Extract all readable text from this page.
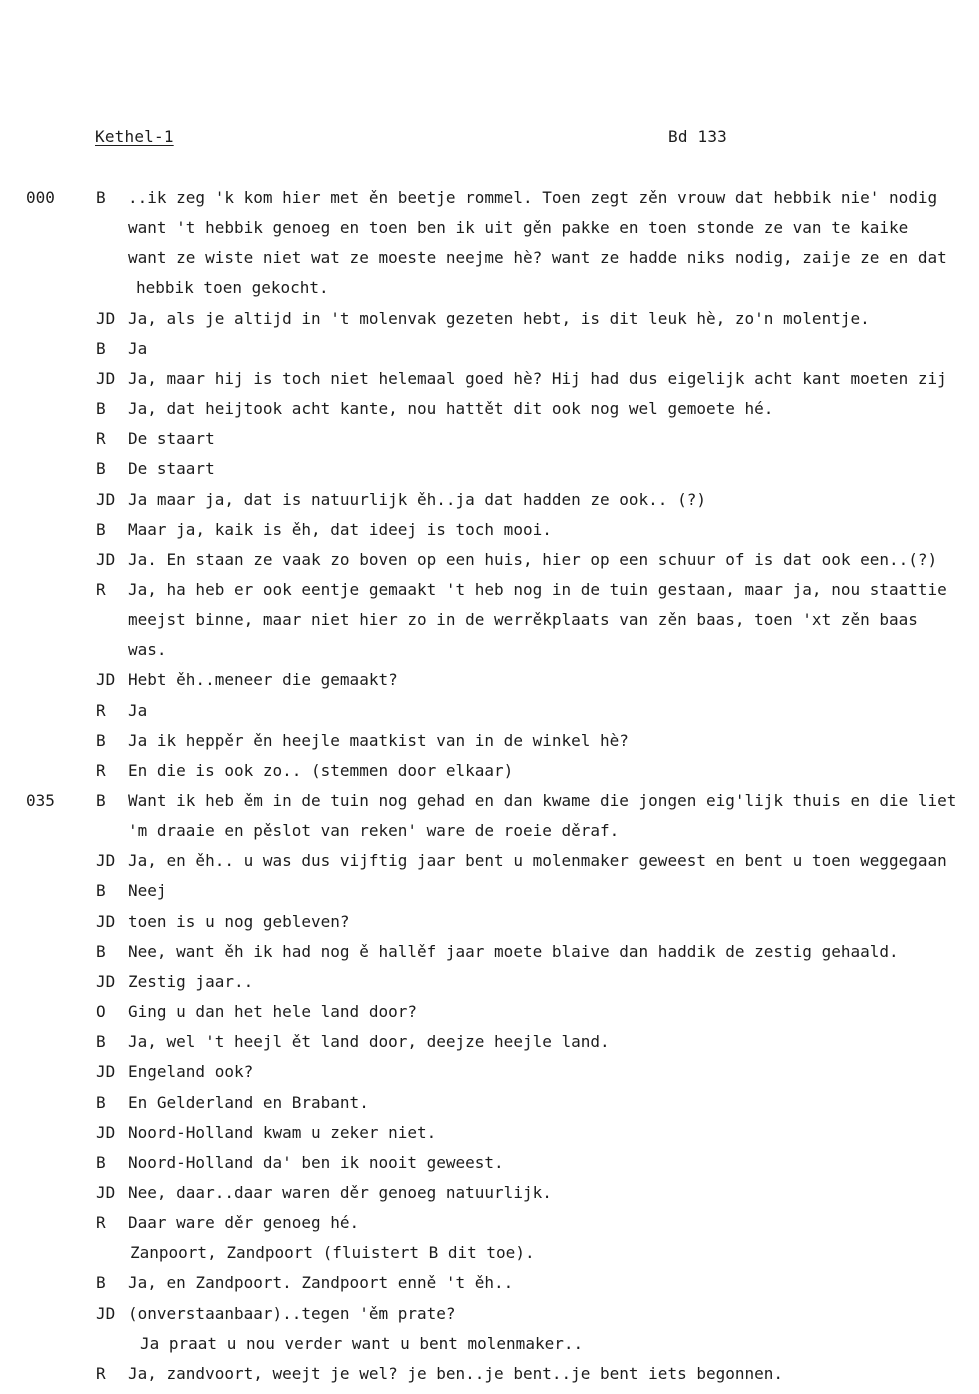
Kethel-1	Bd 133
000	B ..ik zeg 'k kom hier met ěn beetje rommel. Toen zegt zěn vrouw dat hebbik nie' nodig
want 't hebbik genoeg en toen ben ik uit gěn pakke en toen stonde ze van te kaike
want ze wiste niet wat ze moeste neejme hè? want ze hadde niks nodig, zaije ze en dat
hebbik toen gekocht.
JD Ja, als je altijd in 't molenvak gezeten hebt, is dit leuk hè, zo'n molentje.
B Ja
JD Ja, maar hij is toch niet helemaal goed hè? Hij had dus eigelijk acht kant moeten zij
B Ja, dat heijtook acht kante, nou hattět dit ook nog wel gemoete hé.
R De staart
B De staart
JD Ja maar ja, dat is natuurlijk ěh..ja dat hadden ze ook.. (?)
B Maar ja, kaik is ěh, dat ideej is toch mooi.
JD Ja. En staan ze vaak zo boven op een huis, hier op een schuur of is dat ook een..(?)
R Ja, ha heb er ook eentje gemaakt 't heb nog in de tuin gestaan, maar ja, nou staattie
meejst binne, maar niet hier zo in de werrěkplaats van zěn baas, toen 'xt zěn baas
was.
JD Hebt ěh..meneer die gemaakt?
R Ja
B Ja ik heppěr ěn heejle maatkist van in de winkel hè?
R En die is ook zo.. (stemmen door elkaar)
035	B Want ik heb ěm in de tuin nog gehad en dan kwame die jongen eig'lijk thuis en die liet
'm draaie en pěslot van reken' ware de roeie děraf.
JD Ja, en ěh.. u was dus vijftig jaar bent u molenmaker geweest en bent u toen weggegaan
B Neej
JD toen is u nog gebleven?
B Nee, want ěh ik had nog ě hallěf jaar moete blaive dan haddik de zestig gehaald.
JD Zestig jaar..
O Ging u dan het hele land door?
B Ja, wel 't heejl ět land door, deejze heejle land.
JD Engeland ook?
B En Gelderland en Brabant.
JD Noord-Holland kwam u zeker niet.
B Noord-Holland da' ben ik nooit geweest.
JD Nee, daar..daar waren děr genoeg natuurlijk.
R Daar ware děr genoeg hé.
Zanpoort, Zandpoort (fluistert B dit toe).
B Ja, en Zandpoort. Zandpoort enně 't ěh..
JD (onverstaanbaar)..tegen 'ěm prate?
Ja praat u nou verder want u bent molenmaker..
R Ja, zandvoort, weejt je wel? je ben..je bent..je bent iets begonnen.
